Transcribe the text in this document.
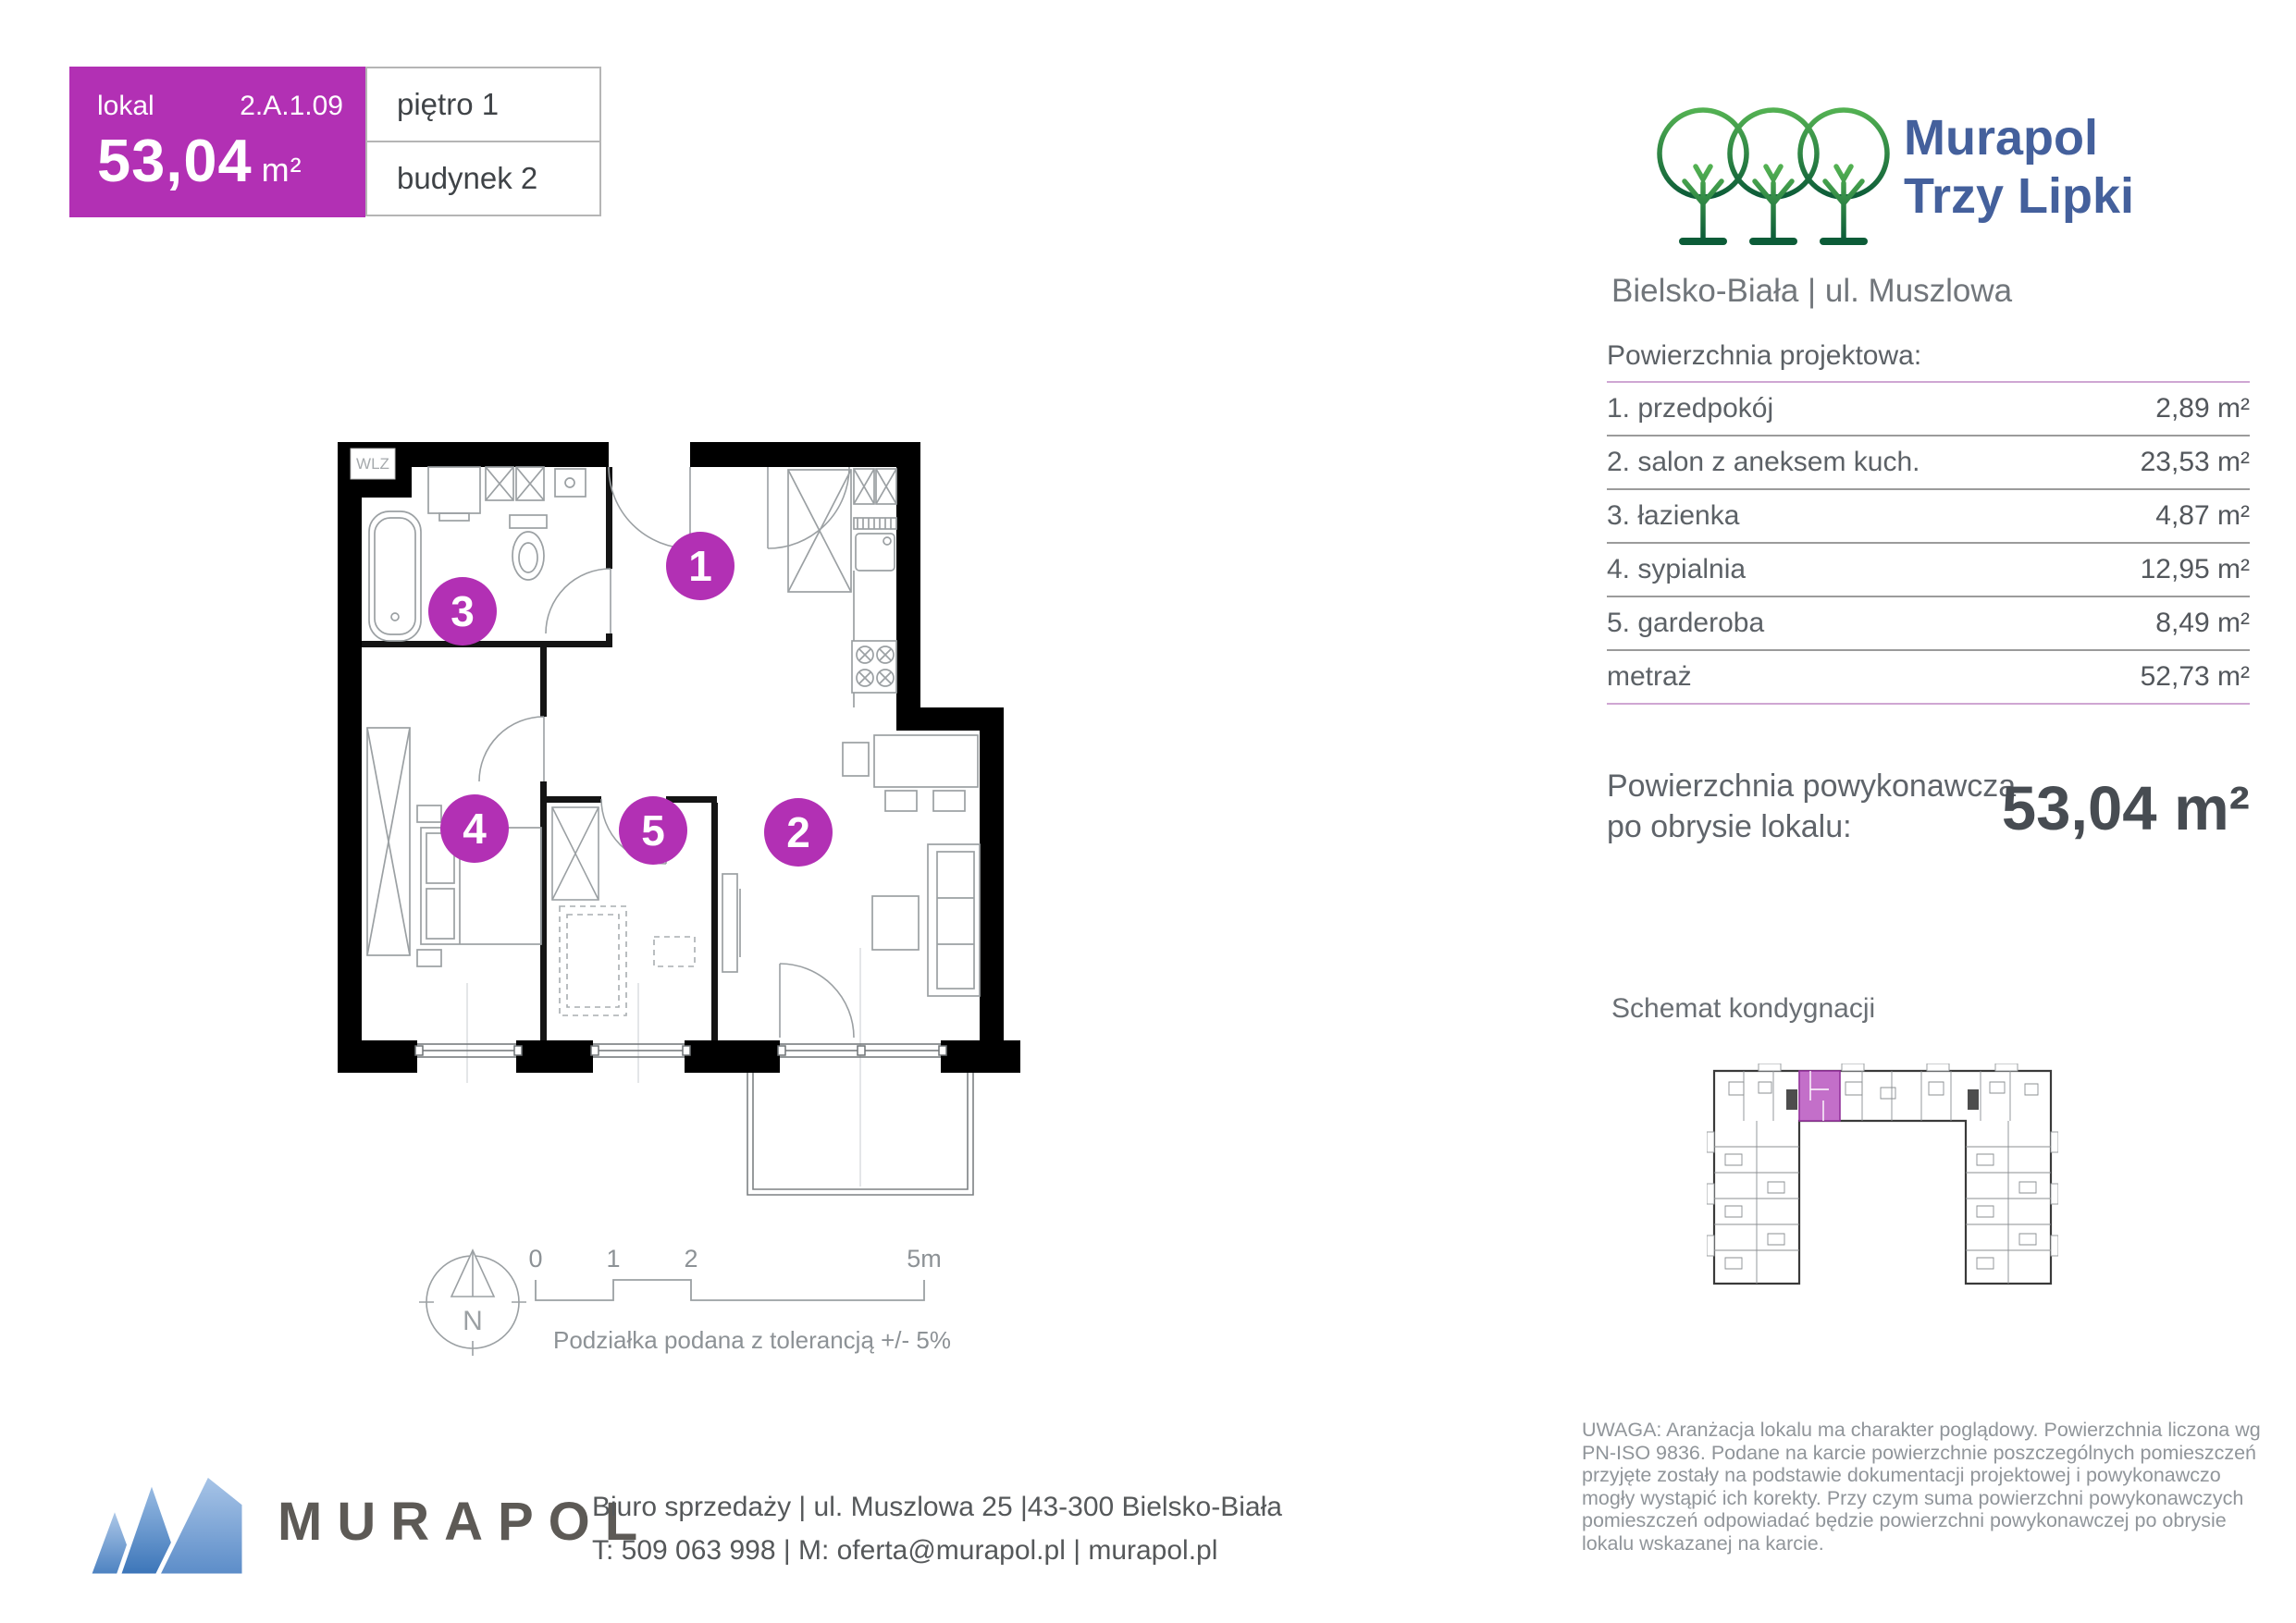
lokal	2.A.1.09
53,04 m²
piętro 1
budynek 2
Murapol
Trzy Lipki
Bielsko-Biała | ul. Muszlowa
Powierzchnia projektowa:
1. przedpokój	2,89 m²
2. salon z aneksem kuch.	23,53 m²
3. łazienka	4,87 m²
4. sypialnia	12,95 m²
5. garderoba	8,49 m²
metraż	52,73 m²
Powierzchnia powykonawcza
po obrysie lokalu:	53,04 m²
Schemat kondygnacji
WLZ
1
3
4	5	2
N
0	1	2	5m
Podziałka podana z tolerancją +/- 5%
UWAGA: Aranżacja lokalu ma charakter poglądowy. Powierzchnia liczona wg PN-ISO 9836. Podane na karcie powierzchnie poszczególnych pomieszczeń przyjęte zostały na podstawie dokumentacji projektowej i powykonawczo mogły wystąpić ich korekty. Przy czym suma powierzchni powykonawczych pomieszczeń odpowiadać będzie powierzchni powykonawczej po obrysie lokalu wskazanej na karcie.
MURAPOL
Biuro sprzedaży | ul. Muszlowa 25 |43-300 Bielsko-Biała
T: 509 063 998 | M: oferta@murapol.pl | murapol.pl
